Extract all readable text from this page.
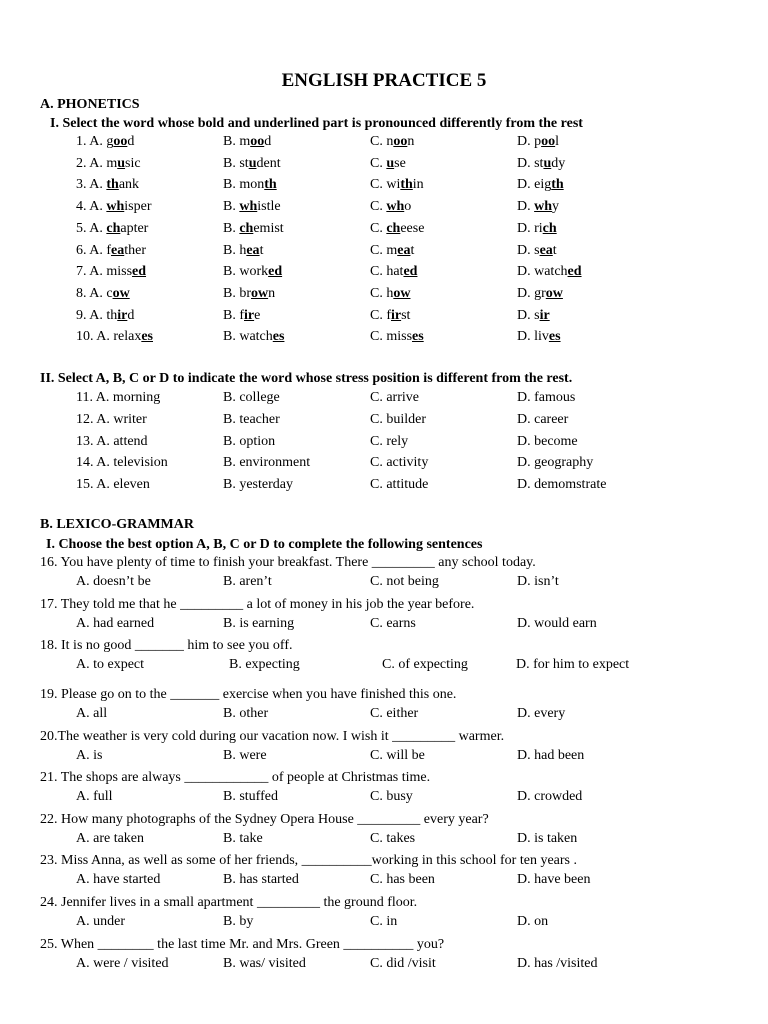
ENGLISH PRACTICE 5
A. PHONETICS
I. Select the word whose bold and underlined part is pronounced differently from the rest
1. A. good	B. mood	C. noon	D. pool
2. A. music	B. student	C. use	D. study
3. A. thank	B. month	C. within	D. eigth
4. A. whisper	B. whistle	C. who	D. why
5. A. chapter	B. chemist	C. cheese	D. rich
6. A. feather	B. heat	C. meat	D. seat
7. A. missed	B. worked	C. hated	D. watched
8. A. cow	B. brown	C. how	D. grow
9. A. third	B. fire	C. first	D. sir
10. A. relaxes	B. watches	C. misses	D. lives
II. Select A, B, C or D to indicate the word whose stress position is different from the rest.
11. A. morning	B. college	C. arrive	D. famous
12. A. writer	B. teacher	C. builder	D. career
13. A. attend	B. option	C. rely	D. become
14. A. television	B. environment	C. activity	D. geography
15. A. eleven	B. yesterday	C. attitude	D. demomstrate
B. LEXICO-GRAMMAR
I. Choose the best option A, B, C or D to complete the following sentences
16. You have plenty of time to finish your breakfast. There _________ any school today.
A. doesn’t be	B. aren’t	C. not being	D. isn’t
17. They told me that he _________ a lot of money in his job the year before.
A. had earned	B. is earning	C. earns	D. would earn
18. It is no good _______ him to see you off.
A. to expect	B. expecting	C. of expecting	D. for him to expect
19. Please go on to the _______ exercise when you have finished this one.
A. all	B. other	C. either	D. every
20.The weather is very cold during our vacation now. I wish it _________ warmer.
A. is	B. were	C. will be	D. had been
21. The shops are always ____________ of people at Christmas time.
A. full	B. stuffed	C. busy	D. crowded
22. How many photographs of the Sydney Opera House _________ every year?
A. are taken	B. take	C. takes	D. is taken
23. Miss Anna, as well as some of her friends, __________working in this school for ten years .
A. have started	B. has started	C. has been	D. have been
24. Jennifer lives in a small apartment _________ the ground floor.
A. under	B. by	C. in	D. on
25. When ________ the last time Mr. and Mrs. Green __________ you?
A. were / visited	B. was/ visited	C. did /visit	D. has /visited
